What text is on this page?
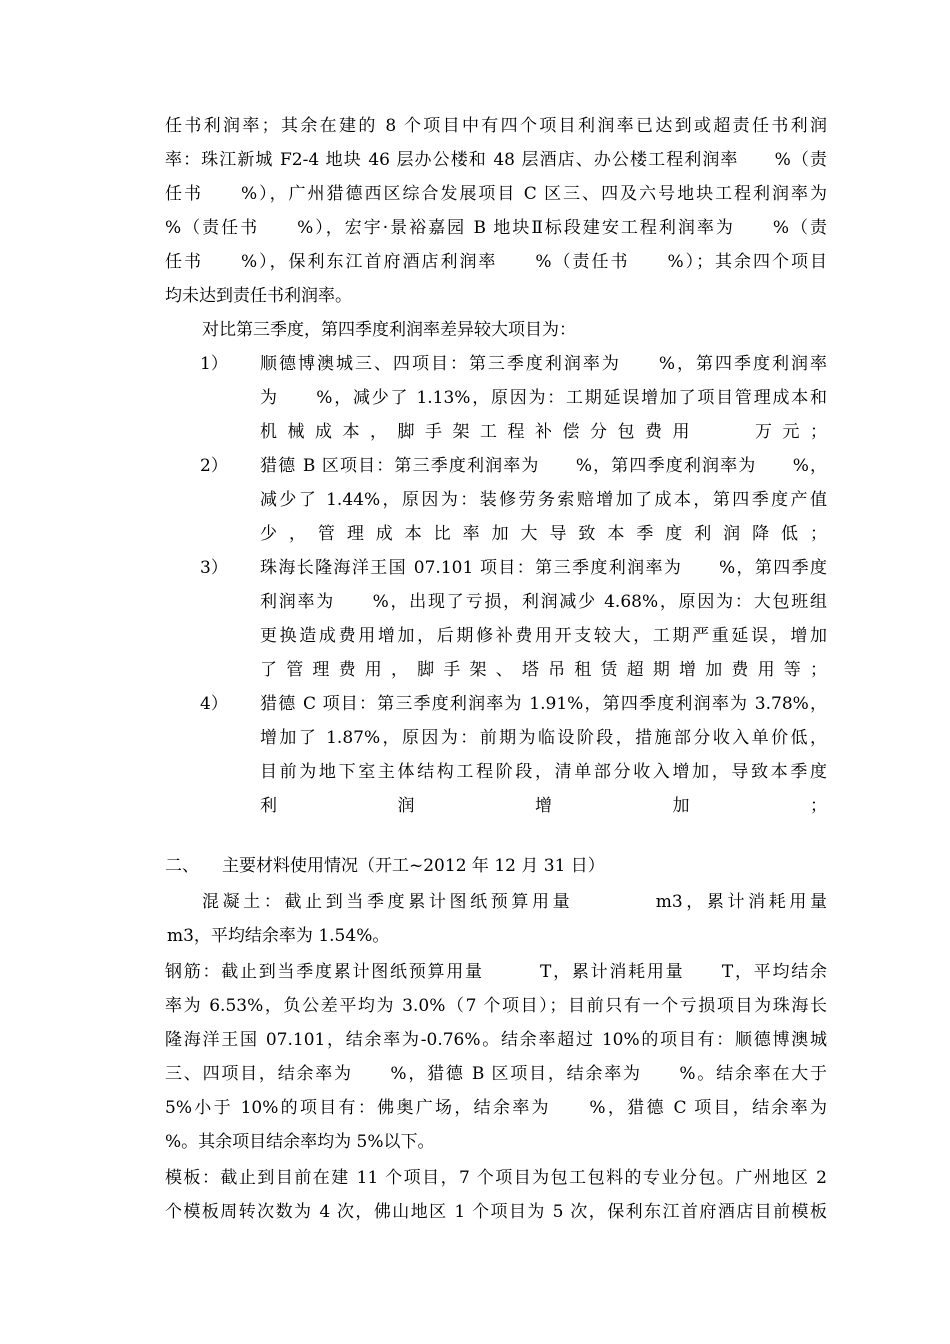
任书利润率；其余在建的 8 个项目中有四个项目利润率已达到或超责任书利润
率：珠江新城 F2-4 地块 46 层办公楼和 48 层酒店、办公楼工程利润率　　%（责
任书　　%），广州猎德西区综合发展项目 C 区三、四及六号地块工程利润率为
%（责任书　　%），宏宇·景裕嘉园 B 地块Ⅱ标段建安工程利润率为　　%（责
任书　　%），保利东江首府酒店利润率　　%（责任书　　%）；其余四个项目
均未达到责任书利润率。
对比第三季度，第四季度利润率差异较大项目为：
1） 顺德博澳城三、四项目：第三季度利润率为　　%，第四季度利润率
为　　%，减少了 1.13%，原因为：工期延误增加了项目管理成本和
机械成本，脚手架工程补偿分包费用　　万元；
2） 猎德 B 区项目：第三季度利润率为　　%，第四季度利润率为　　%，
减少了 1.44%，原因为：装修劳务索赔增加了成本，第四季度产值
少，管理成本比率加大导致本季度利润降低；
3） 珠海长隆海洋王国 07.101 项目：第三季度利润率为　　%，第四季度
利润率为　　%，出现了亏损，利润减少 4.68%，原因为：大包班组
更换造成费用增加，后期修补费用开支较大，工期严重延误，增加
了管理费用，脚手架、塔吊租赁超期增加费用等；
4） 猎德 C 项目：第三季度利润率为 1.91%，第四季度利润率为 3.78%，
增加了 1.87%，原因为：前期为临设阶段，措施部分收入单价低，
目前为地下室主体结构工程阶段，清单部分收入增加，导致本季度
利润增加；
二、 主要材料使用情况（开工~2012 年 12 月 31 日）
混凝土：截止到当季度累计图纸预算用量　　　　m3，累计消耗用量
m3，平均结余率为 1.54%。
钢筋：截止到当季度累计图纸预算用量　　　T，累计消耗用量　　T，平均结余
率为 6.53%，负公差平均为 3.0%（7 个项目）；目前只有一个亏损项目为珠海长
隆海洋王国 07.101，结余率为-0.76%。结余率超过 10%的项目有：顺德博澳城
三、四项目，结余率为　　%，猎德 B 区项目，结余率为　　%。结余率在大于
5%小于 10%的项目有：佛奥广场，结余率为　　%，猎德 C 项目，结余率为
%。其余项目结余率均为 5%以下。
模板：截止到目前在建 11 个项目，7 个项目为包工包料的专业分包。广州地区 2
个模板周转次数为 4 次，佛山地区 1 个项目为 5 次，保利东江首府酒店目前模板
